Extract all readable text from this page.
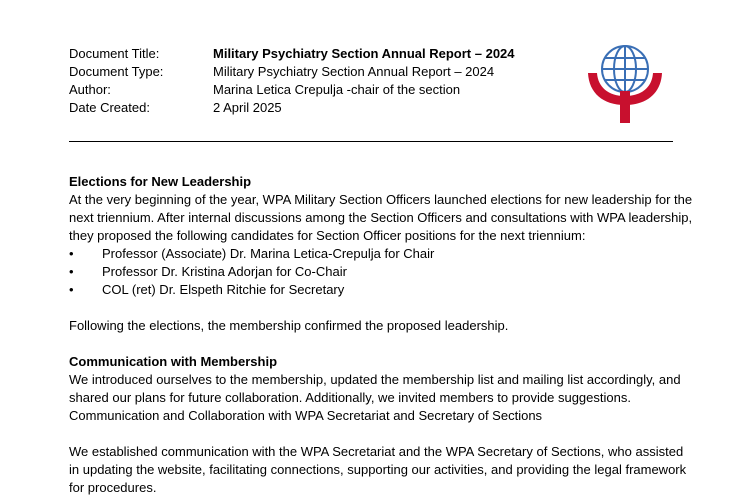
Document Title:	Military Psychiatry Section Annual Report – 2024
Document Type:	Military Psychiatry Section Annual Report – 2024
Author:	Marina Letica Crepulja -chair of the section
Date Created:	2 April 2025
Elections for New Leadership

At the very beginning of the year, WPA Military Section Officers launched elections for new leadership for the next triennium. After internal discussions among the Section Officers and consultations with WPA leadership, they proposed the following candidates for Section Officer positions for the next triennium:

• Professor (Associate) Dr. Marina Letica-Crepulja for Chair
• Professor Dr. Kristina Adorjan for Co-Chair
• COL (ret) Dr. Elspeth Ritchie for Secretary

Following the elections, the membership confirmed the proposed leadership.

Communication with Membership

We introduced ourselves to the membership, updated the membership list and mailing list accordingly, and shared our plans for future collaboration. Additionally, we invited members to provide suggestions. Communication and Collaboration with WPA Secretariat and Secretary of Sections

We established communication with the WPA Secretariat and the WPA Secretary of Sections, who assisted in updating the website, facilitating connections, supporting our activities, and providing the legal framework for procedures.
